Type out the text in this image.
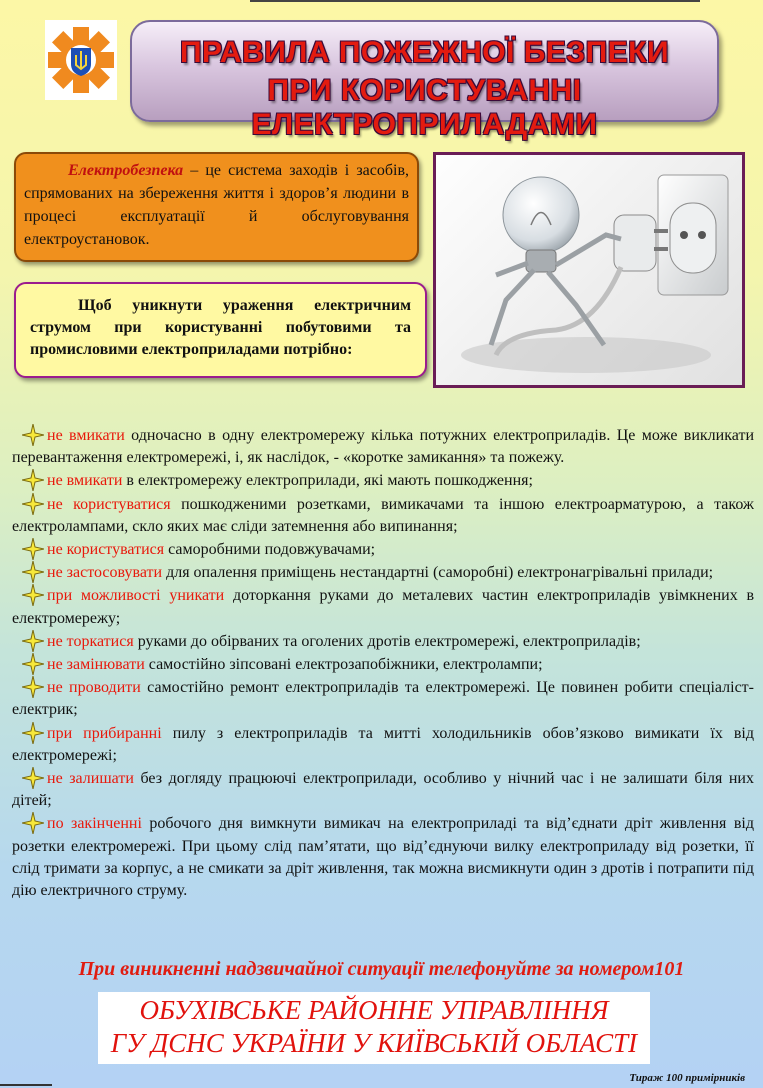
ПРАВИЛА ПОЖЕЖНОЇ БЕЗПЕКИ
ПРИ КОРИСТУВАННІ ЕЛЕКТРОПРИЛАДАМИ
Електробезпека – це система заходів і засобів, спрямованих на збереження життя і здоров’я людини в процесі експлуатації й обслуговування електроустановок.
Щоб уникнути ураження електричним струмом при користуванні побутовими та промисловими електроприладами потрібно:

не вмикати одночасно в одну електромережу кілька потужних електроприладів. Це може викликати перевантаження електромережі, і, як наслідок, - «коротке замикання» та пожежу.

не вмикати в електромережу електроприлади, які мають пошкодження;

не користуватися пошкодженими розетками, вимикачами та іншою електроарматурою, а також електролампами, скло яких має сліди затемнення або випинання;

не користуватися саморобними подовжувачами;

не застосовувати для опалення приміщень нестандартні (саморобні) електронагрівальні прилади;

при можливості уникати доторкання руками до металевих частин електроприладів увімкнених в електромережу;

не торкатися руками до обірваних та оголених дротів електромережі, електроприладів;

не замінювати самостійно зіпсовані електрозапобіжники, електролампи;

не проводити самостійно ремонт електроприладів та електромережі. Це повинен робити спеціаліст-електрик;

при прибиранні пилу з електроприладів та митті холодильників обов’язково вимикати їх від електромережі;

не залишати без догляду працюючі електроприлади, особливо у нічний час і не залишати біля них дітей;

по закінченні робочого дня вимкнути вимикач на електроприладі та від’єднати дріт живлення від розетки електромережі. При цьому слід пам’ятати, що від’єднуючи вилку електроприладу від розетки, її слід тримати за корпус, а не смикати за дріт живлення, так можна висмикнути один з дротів і потрапити під дію електричного струму.

При виникненні надзвичайної ситуації телефонуйте за номером101
ОБУХІВСЬКЕ РАЙОННЕ УПРАВЛІННЯ
ГУ ДСНС УКРАЇНИ У КИЇВСЬКІЙ ОБЛАСТІ
Тираж 100 примірників
